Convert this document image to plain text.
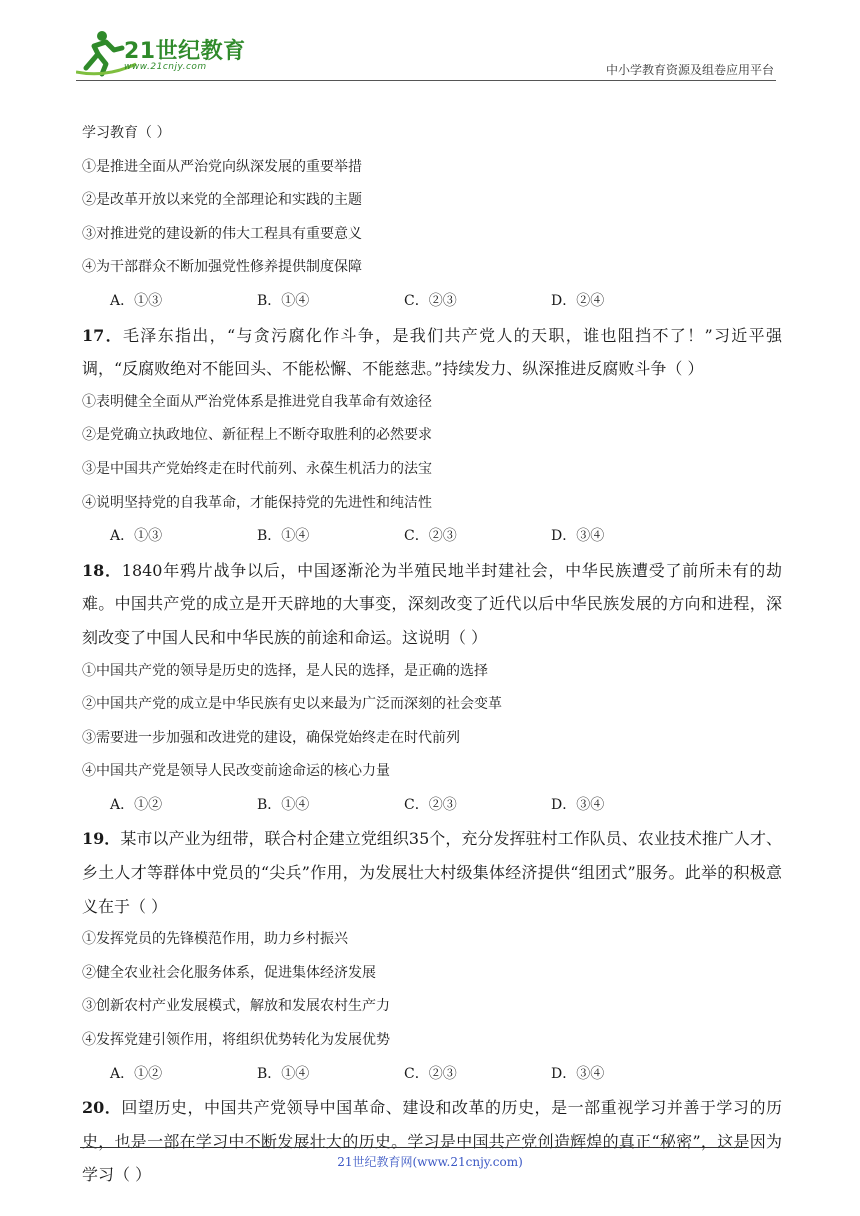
21世纪教育
www.21cnjy.com	中小学教育资源及组卷应用平台
学习教育（ ）
①是推进全面从严治党向纵深发展的重要举措
②是改革开放以来党的全部理论和实践的主题
③对推进党的建设新的伟大工程具有重要意义
④为干部群众不断加强党性修养提供制度保障
A．①③	B．①④	C．②③	D．②④
17．毛泽东指出，“与贪污腐化作斗争，是我们共产党人的天职，谁也阻挡不了！”习近平强调，“反腐败绝对不能回头、不能松懈、不能慈悲。”持续发力、纵深推进反腐败斗争（ ）
①表明健全全面从严治党体系是推进党自我革命有效途径
②是党确立执政地位、新征程上不断夺取胜利的必然要求
③是中国共产党始终走在时代前列、永葆生机活力的法宝
④说明坚持党的自我革命，才能保持党的先进性和纯洁性
A．①③	B．①④	C．②③	D．③④
18．1840年鸦片战争以后，中国逐渐沦为半殖民地半封建社会，中华民族遭受了前所未有的劫难。中国共产党的成立是开天辟地的大事变，深刻改变了近代以后中华民族发展的方向和进程，深刻改变了中国人民和中华民族的前途和命运。这说明（ ）
①中国共产党的领导是历史的选择，是人民的选择，是正确的选择
②中国共产党的成立是中华民族有史以来最为广泛而深刻的社会变革
③需要进一步加强和改进党的建设，确保党始终走在时代前列
④中国共产党是领导人民改变前途命运的核心力量
A．①②	B．①④	C．②③	D．③④
19．某市以产业为纽带，联合村企建立党组织35个，充分发挥驻村工作队员、农业技术推广人才、乡土人才等群体中党员的“尖兵”作用，为发展壮大村级集体经济提供“组团式”服务。此举的积极意义在于（ ）
①发挥党员的先锋模范作用，助力乡村振兴
②健全农业社会化服务体系，促进集体经济发展
③创新农村产业发展模式，解放和发展农村生产力
④发挥党建引领作用，将组织优势转化为发展优势
A．①②	B．①④	C．②③	D．③④
20．回望历史，中国共产党领导中国革命、建设和改革的历史，是一部重视学习并善于学习的历史，也是一部在学习中不断发展壮大的历史。学习是中国共产党创造辉煌的真正“秘密”，这是因为学习（ ）
21世纪教育网(www.21cnjy.com)
